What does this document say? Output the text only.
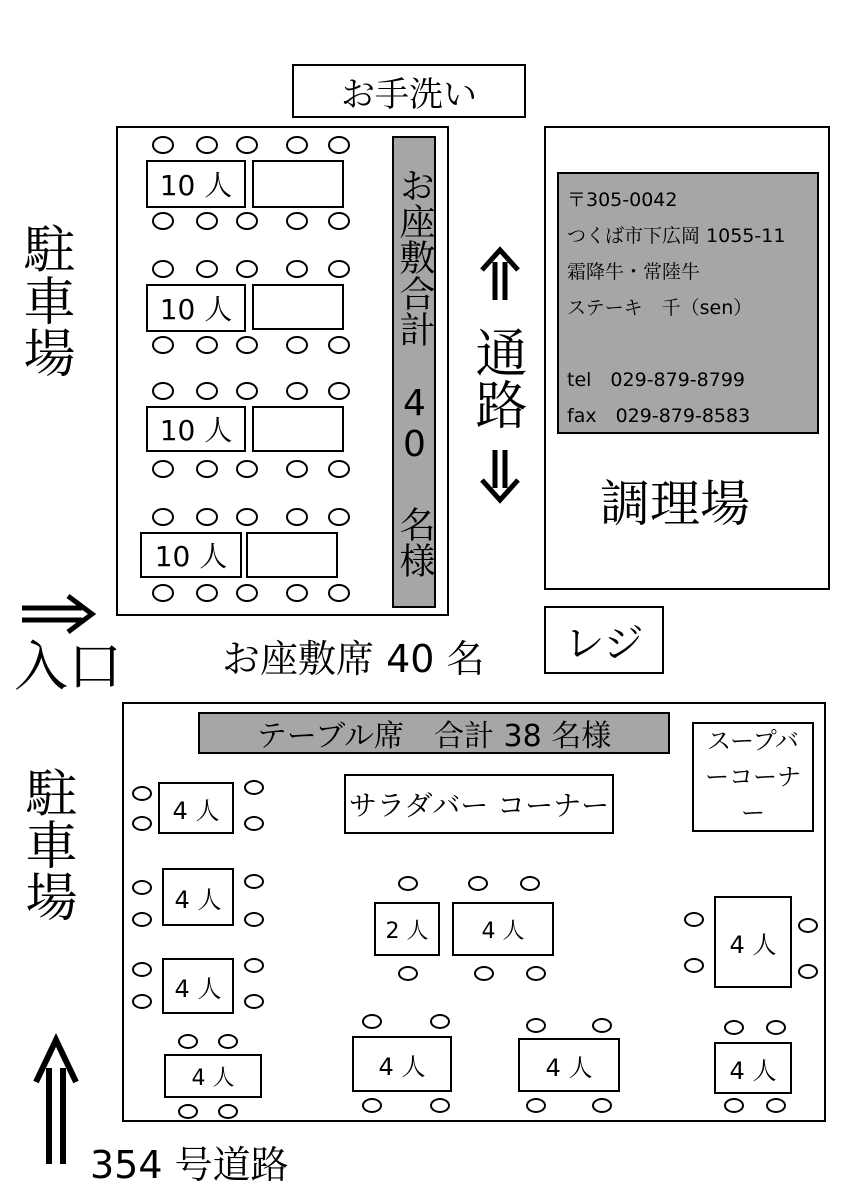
お手洗い
駐車場	お座敷合計　40 名様
10 人
10 人
10 人
10 人
お座敷席 40 名
通路
〒305-0042
つくば市下広岡 1055-11
霜降牛・常陸牛
ステーキ　千（sen）
tel　029-879-8799
fax　029-879-8583
調理場
レジ
入口
テーブル席　合計 38 名様
サラダバー コーナー
スープバーコーナー
4 人
4 人
4 人
4 人
2 人 4 人	4 人
4 人	4 人	4 人
駐車場
354 号道路
